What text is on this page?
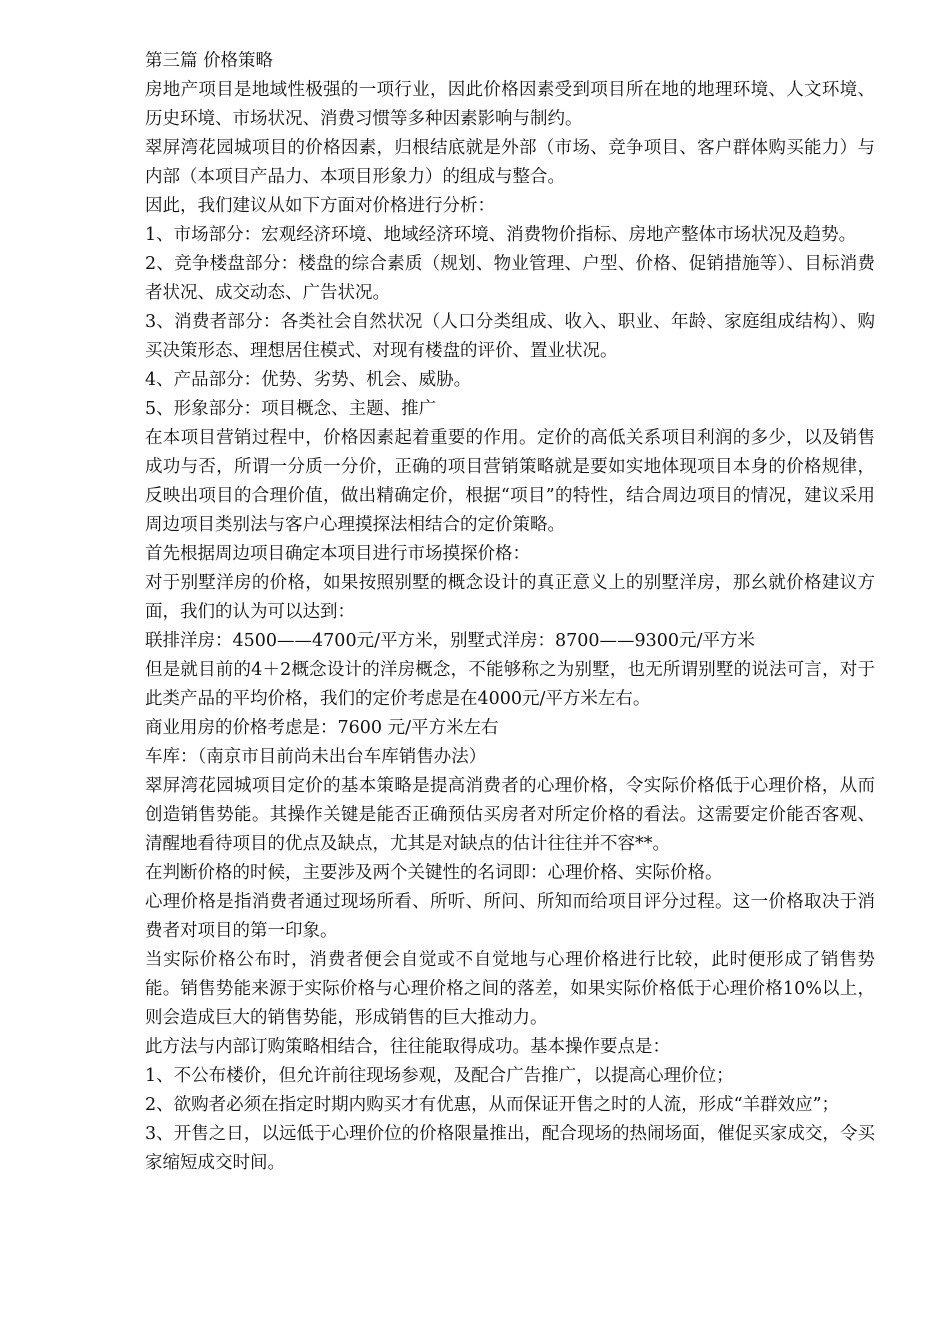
第三篇 价格策略

房地产项目是地域性极强的一项行业，因此价格因素受到项目所在地的地理环境、人文环境、历史环境、市场状况、消费习惯等多种因素影响与制约。

翠屏湾花园城项目的价格因素，归根结底就是外部（市场、竞争项目、客户群体购买能力）与内部（本项目产品力、本项目形象力）的组成与整合。

因此，我们建议从如下方面对价格进行分析：

1、市场部分：宏观经济环境、地域经济环境、消费物价指标、房地产整体市场状况及趋势。

2、竞争楼盘部分：楼盘的综合素质（规划、物业管理、户型、价格、促销措施等）、目标消费者状况、成交动态、广告状况。

3、消费者部分：各类社会自然状况（人口分类组成、收入、职业、年龄、家庭组成结构）、购买决策形态、理想居住模式、对现有楼盘的评价、置业状况。

4、产品部分：优势、劣势、机会、威胁。

5、形象部分：项目概念、主题、推广

在本项目营销过程中，价格因素起着重要的作用。定价的高低关系项目利润的多少，以及销售成功与否，所谓一分质一分价，正确的项目营销策略就是要如实地体现项目本身的价格规律，反映出项目的合理价值，做出精确定价，根据“项目”的特性，结合周边项目的情况，建议采用周边项目类别法与客户心理摸探法相结合的定价策略。

首先根据周边项目确定本项目进行市场摸探价格：

对于别墅洋房的价格，如果按照别墅的概念设计的真正意义上的别墅洋房，那幺就价格建议方面，我们的认为可以达到：

联排洋房：4500——4700元/平方米，别墅式洋房：8700——9300元/平方米

但是就目前的4＋2概念设计的洋房概念，不能够称之为别墅，也无所谓别墅的说法可言，对于此类产品的平均价格，我们的定价考虑是在4000元/平方米左右。

商业用房的价格考虑是：7600 元/平方米左右

车库：（南京市目前尚未出台车库销售办法）

翠屏湾花园城项目定价的基本策略是提高消费者的心理价格，令实际价格低于心理价格，从而创造销售势能。其操作关键是能否正确预估买房者对所定价格的看法。这需要定价能否客观、清醒地看待项目的优点及缺点，尤其是对缺点的估计往往并不容**。

在判断价格的时候，主要涉及两个关键性的名词即：心理价格、实际价格。

心理价格是指消费者通过现场所看、所听、所问、所知而给项目评分过程。这一价格取决于消费者对项目的第一印象。

当实际价格公布时，消费者便会自觉或不自觉地与心理价格进行比较，此时便形成了销售势能。销售势能来源于实际价格与心理价格之间的落差，如果实际价格低于心理价格10%以上，则会造成巨大的销售势能，形成销售的巨大推动力。

此方法与内部订购策略相结合，往往能取得成功。基本操作要点是：

1、不公布楼价，但允许前往现场参观，及配合广告推广，以提高心理价位；

2、欲购者必须在指定时期内购买才有优惠，从而保证开售之时的人流，形成“羊群效应”；

3、开售之日，以远低于心理价位的价格限量推出，配合现场的热闹场面，催促买家成交，令买家缩短成交时间。
